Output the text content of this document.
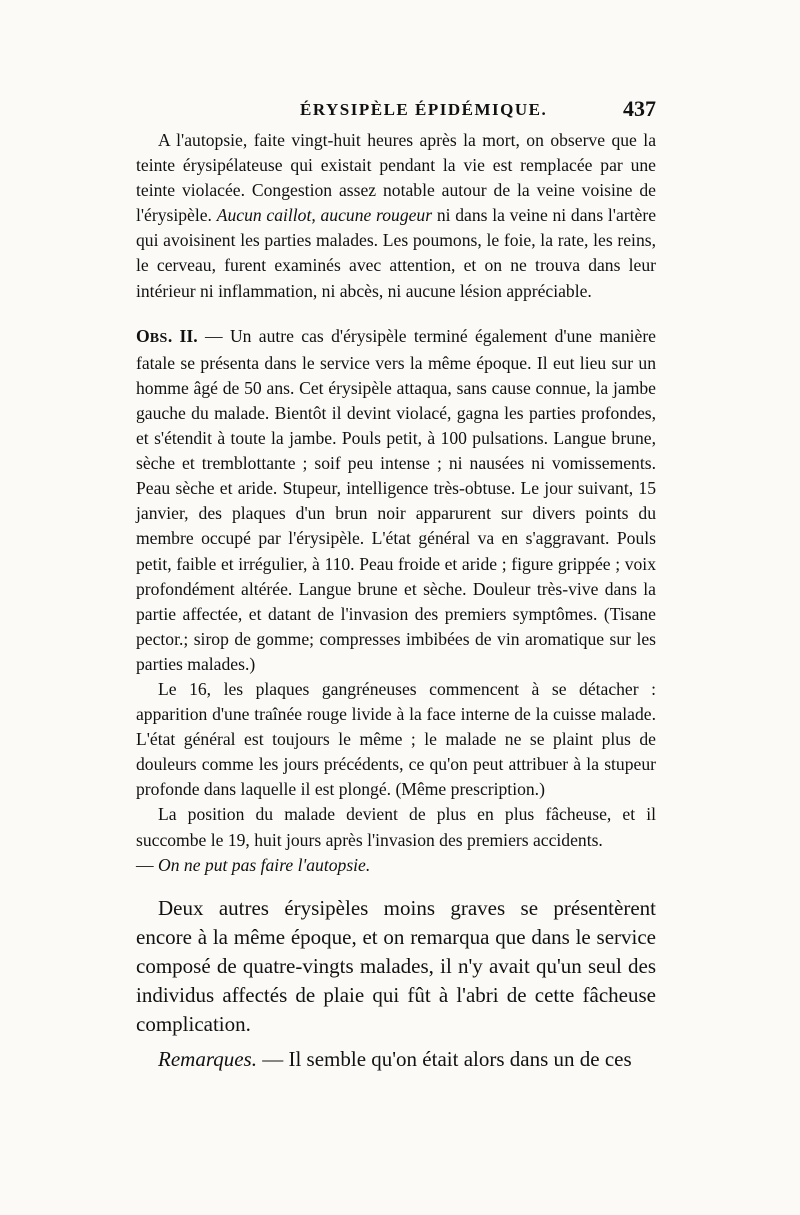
ÉRYSIPÈLE ÉPIDÉMIQUE.	437

A l'autopsie, faite vingt-huit heures après la mort, on observe que la teinte érysipélateuse qui existait pendant la vie est remplacée par une teinte violacée. Congestion assez notable autour de la veine voisine de l'érysipèle. Aucun caillot, aucune rougeur ni dans la veine ni dans l'artère qui avoisinent les parties malades. Les poumons, le foie, la rate, les reins, le cerveau, furent examinés avec attention, et on ne trouva dans leur intérieur ni inflammation, ni abcès, ni aucune lésion appréciable.

OBS. II. — Un autre cas d'érysipèle terminé également d'une manière fatale se présenta dans le service vers la même époque. Il eut lieu sur un homme âgé de 50 ans. Cet érysipèle attaqua, sans cause connue, la jambe gauche du malade. Bientôt il devint violacé, gagna les parties profondes, et s'étendit à toute la jambe. Pouls petit, à 100 pulsations. Langue brune, sèche et tremblottante ; soif peu intense ; ni nausées ni vomissements. Peau sèche et aride. Stupeur, intelligence très-obtuse. Le jour suivant, 15 janvier, des plaques d'un brun noir apparurent sur divers points du membre occupé par l'érysipèle. L'état général va en s'aggravant. Pouls petit, faible et irrégulier, à 110. Peau froide et aride ; figure grippée ; voix profondément altérée. Langue brune et sèche. Douleur très-vive dans la partie affectée, et datant de l'invasion des premiers symptômes. (Tisane pector.; sirop de gomme; compresses imbibées de vin aromatique sur les parties malades.)

Le 16, les plaques gangréneuses commencent à se détacher : apparition d'une traînée rouge livide à la face interne de la cuisse malade. L'état général est toujours le même ; le malade ne se plaint plus de douleurs comme les jours précédents, ce qu'on peut attribuer à la stupeur profonde dans laquelle il est plongé. (Même prescription.)

La position du malade devient de plus en plus fâcheuse, et il succombe le 19, huit jours après l'invasion des premiers accidents.
— On ne put pas faire l'autopsie.

Deux autres érysipèles moins graves se présentèrent encore à la même époque, et on remarqua que dans le service composé de quatre-vingts malades, il n'y avait qu'un seul des individus affectés de plaie qui fût à l'abri de cette fâcheuse complication.

Remarques. — Il semble qu'on était alors dans un de ces
